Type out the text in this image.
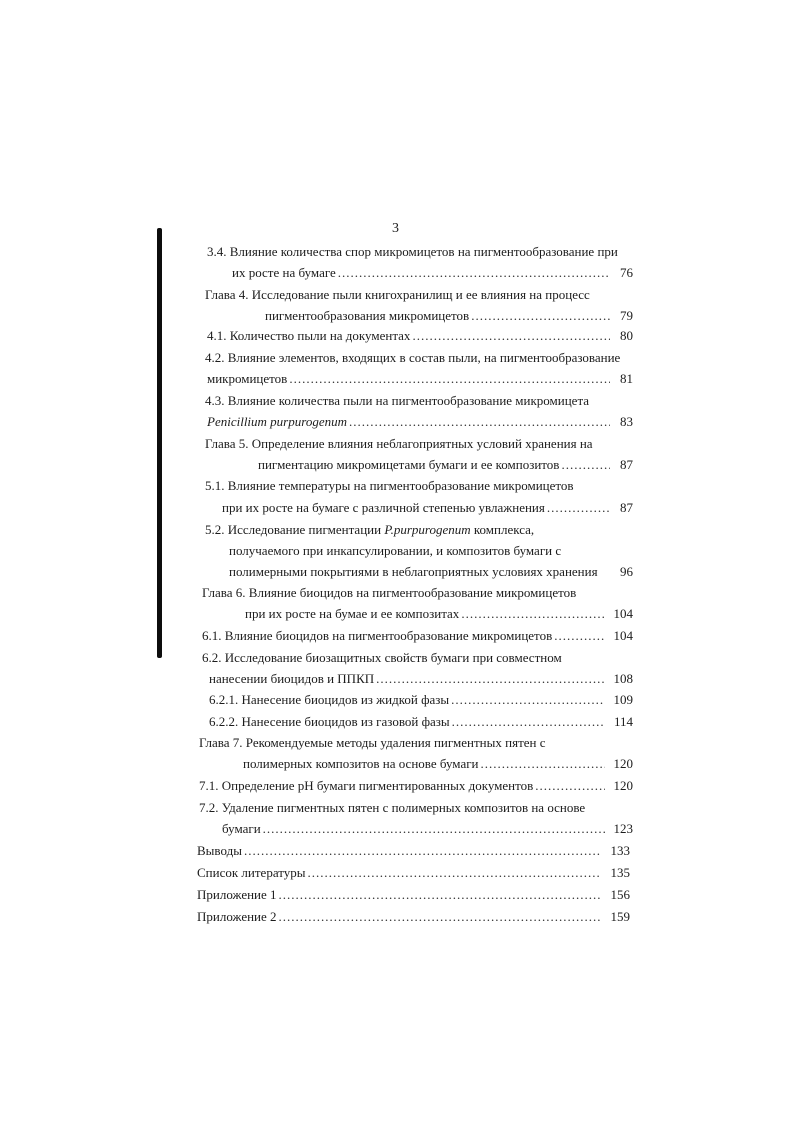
3
3.4. Влияние количества спор микромицетов на пигментообразование при
их росте на бумаге .....	76
Глава 4. Исследование пыли книгохранилищ и ее влияния на процесс
пигментообразования микромицетов .....	79
4.1. Количество пыли на документах .....	80
4.2. Влияние элементов, входящих в состав пыли, на пигментообразование
микромицетов .....	81
4.3. Влияние количества пыли на пигментообразование микромицета
Penicillium purpurogenum .....	83
Глава 5. Определение влияния неблагоприятных условий хранения на
пигментацию микромицетами бумаги и ее композитов .....	87
5.1. Влияние температуры на пигментообразование микромицетов
при их росте на бумаге с различной степенью увлажнения .....	87
5.2. Исследование пигментации P.purpurogenum комплекса,
получаемого при инкапсулировании, и композитов бумаги с
полимерными покрытиями в неблагоприятных условиях хранения	96
Глава 6. Влияние биоцидов на пигментообразование микромицетов
при их росте на бумае и ее композитах .....	104
6.1. Влияние биоцидов на пигментообразование микромицетов .....	104
6.2. Исследование биозащитных свойств бумаги при совместном
нанесении биоцидов и ППКП .....	108
6.2.1. Нанесение биоцидов из жидкой фазы .....	109
6.2.2. Нанесение биоцидов из газовой фазы .....	114
Глава 7. Рекомендуемые методы удаления пигментных пятен с
полимерных композитов на основе бумаги .....	120
7.1. Определение pH бумаги пигментированных документов .....	120
7.2. Удаление пигментных пятен с полимерных композитов на основе
бумаги .....	123
Выводы .....	133
Список литературы .....	135
Приложение 1 .....	156
Приложение 2 .....	159
